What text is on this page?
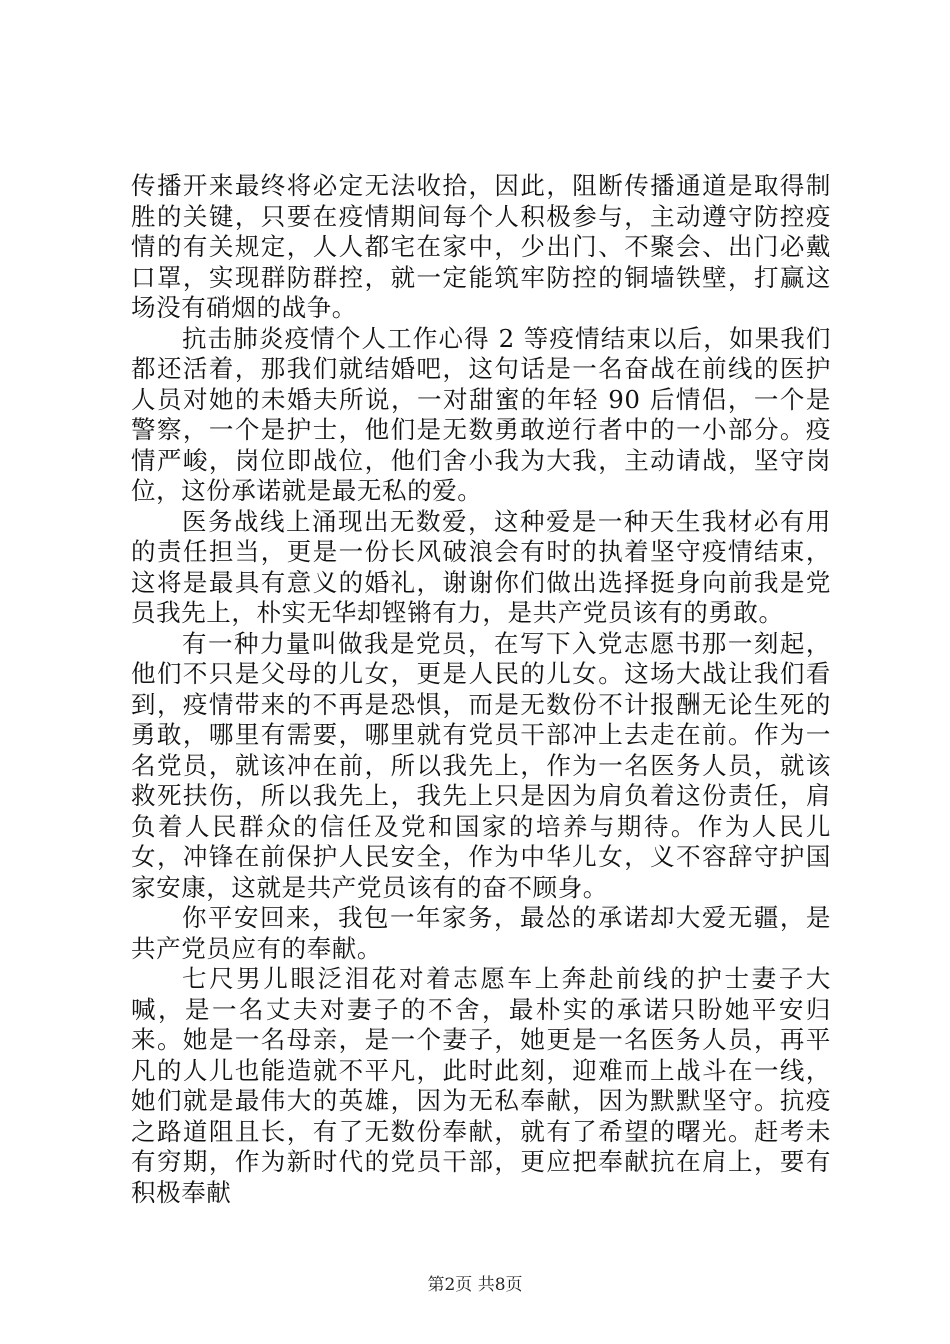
传播开来最终将必定无法收拾，因此，阻断传播通道是取得制胜的关键，只要在疫情期间每个人积极参与，主动遵守防控疫情的有关规定，人人都宅在家中，少出门、不聚会、出门必戴口罩，实现群防群控，就一定能筑牢防控的铜墙铁壁，打赢这场没有硝烟的战争。

抗击肺炎疫情个人工作心得 2 等疫情结束以后，如果我们都还活着，那我们就结婚吧，这句话是一名奋战在前线的医护人员对她的未婚夫所说，一对甜蜜的年轻 90 后情侣，一个是警察，一个是护士，他们是无数勇敢逆行者中的一小部分。疫情严峻，岗位即战位，他们舍小我为大我，主动请战，坚守岗位，这份承诺就是最无私的爱。

医务战线上涌现出无数爱，这种爱是一种天生我材必有用的责任担当，更是一份长风破浪会有时的执着坚守疫情结束，这将是最具有意义的婚礼，谢谢你们做出选择挺身向前我是党员我先上，朴实无华却铿锵有力，是共产党员该有的勇敢。

有一种力量叫做我是党员，在写下入党志愿书那一刻起，他们不只是父母的儿女，更是人民的儿女。这场大战让我们看到，疫情带来的不再是恐惧，而是无数份不计报酬无论生死的勇敢，哪里有需要，哪里就有党员干部冲上去走在前。作为一名党员，就该冲在前，所以我先上，作为一名医务人员，就该救死扶伤，所以我先上，我先上只是因为肩负着这份责任，肩负着人民群众的信任及党和国家的培养与期待。作为人民儿女，冲锋在前保护人民安全，作为中华儿女，义不容辞守护国家安康，这就是共产党员该有的奋不顾身。

你平安回来，我包一年家务，最怂的承诺却大爱无疆，是共产党员应有的奉献。

七尺男儿眼泛泪花对着志愿车上奔赴前线的护士妻子大喊，是一名丈夫对妻子的不舍，最朴实的承诺只盼她平安归来。她是一名母亲，是一个妻子，她更是一名医务人员，再平凡的人儿也能造就不平凡，此时此刻，迎难而上战斗在一线，她们就是最伟大的英雄，因为无私奉献，因为默默坚守。抗疫之路道阻且长，有了无数份奉献，就有了希望的曙光。赶考未有穷期，作为新时代的党员干部，更应把奉献抗在肩上，要有积极奉献

第2页 共8页
